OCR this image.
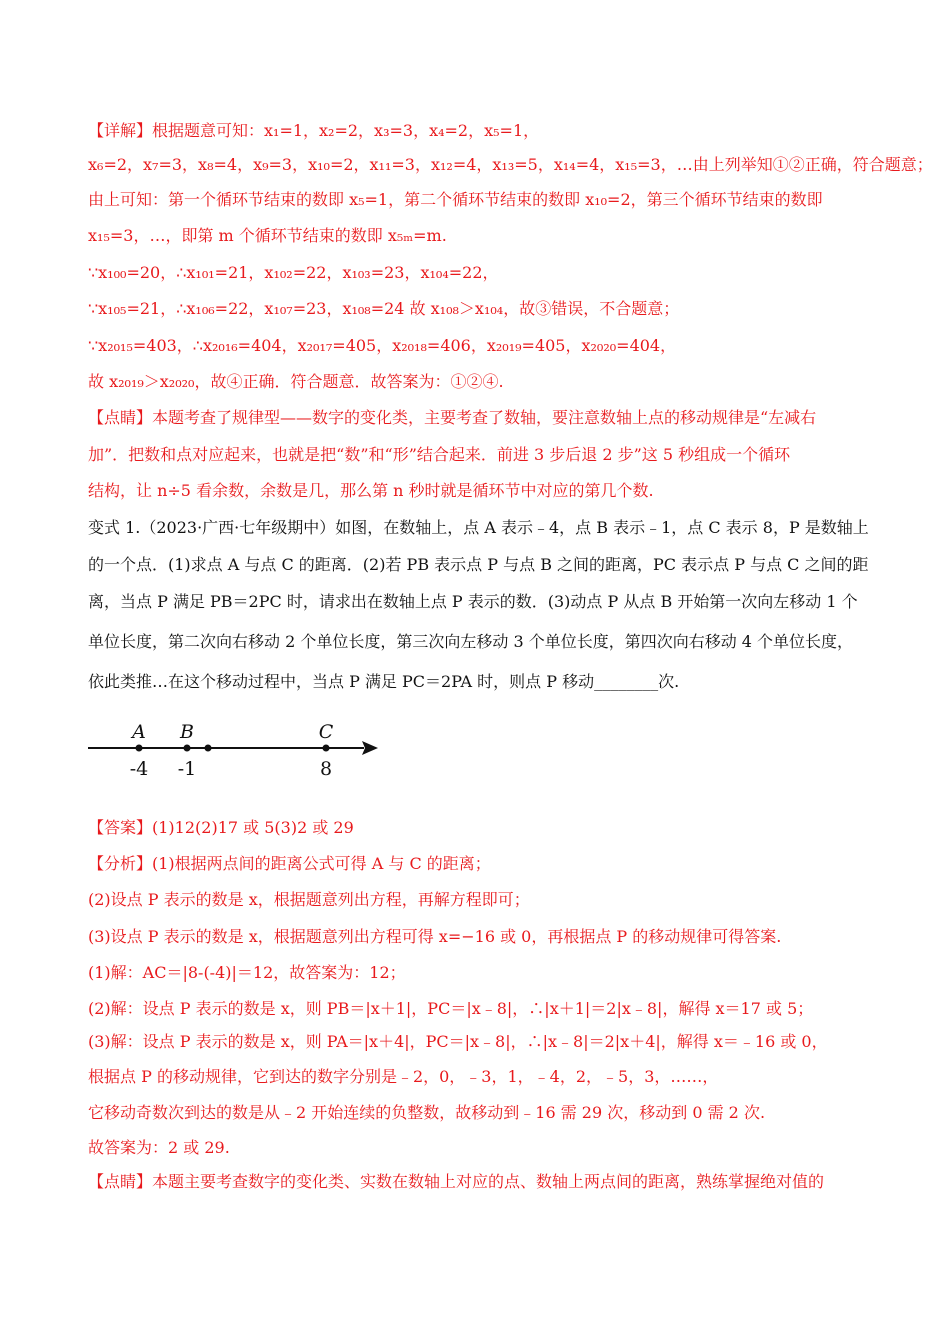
【详解】根据题意可知：x₁=1，x₂=2，x₃=3，x₄=2，x₅=1，
x₆=2，x₇=3，x₈=4，x₉=3，x₁₀=2，x₁₁=3，x₁₂=4，x₁₃=5，x₁₄=4，x₁₅=3，…由上列举知①②正确，符合题意；
由上可知：第一个循环节结束的数即 x₅=1，第二个循环节结束的数即 x₁₀=2，第三个循环节结束的数即
x₁₅=3，…，即第 m 个循环节结束的数即 x₅ₘ=m.
∵x₁₀₀=20，∴x₁₀₁=21，x₁₀₂=22，x₁₀₃=23，x₁₀₄=22，
∵x₁₀₅=21，∴x₁₀₆=22，x₁₀₇=23，x₁₀₈=24 故 x₁₀₈＞x₁₀₄，故③错误，不合题意；
∵x₂₀₁₅=403，∴x₂₀₁₆=404，x₂₀₁₇=405，x₂₀₁₈=406，x₂₀₁₉=405，x₂₀₂₀=404，
故 x₂₀₁₉＞x₂₀₂₀，故④正确．符合题意．故答案为：①②④.
【点睛】本题考查了规律型——数字的变化类，主要考查了数轴，要注意数轴上点的移动规律是“左减右
加”．把数和点对应起来，也就是把“数”和“形”结合起来．前进 3 步后退 2 步”这 5 秒组成一个循环
结构，让 n÷5 看余数，余数是几，那么第 n 秒时就是循环节中对应的第几个数.
变式 1.（2023·广西·七年级期中）如图，在数轴上，点 A 表示﹣4，点 B 表示﹣1，点 C 表示 8，P 是数轴上
的一个点．(1)求点 A 与点 C 的距离．(2)若 PB 表示点 P 与点 B 之间的距离，PC 表示点 P 与点 C 之间的距
离，当点 P 满足 PB＝2PC 时，请求出在数轴上点 P 表示的数．(3)动点 P 从点 B 开始第一次向左移动 1 个
单位长度，第二次向右移动 2 个单位长度，第三次向左移动 3 个单位长度，第四次向右移动 4 个单位长度，
依此类推…在这个移动过程中，当点 P 满足 PC＝2PA 时，则点 P 移动________次.
A B	C
-4 -1	8
【答案】(1)12(2)17 或 5(3)2 或 29
【分析】(1)根据两点间的距离公式可得 A 与 C 的距离；
(2)设点 P 表示的数是 x，根据题意列出方程，再解方程即可；
(3)设点 P 表示的数是 x，根据题意列出方程可得 x=−16 或 0，再根据点 P 的移动规律可得答案.
(1)解：AC＝|8-(-4)|＝12，故答案为：12；
(2)解：设点 P 表示的数是 x，则 PB＝|x＋1|，PC＝|x﹣8|，∴|x＋1|＝2|x﹣8|，解得 x＝17 或 5；
(3)解：设点 P 表示的数是 x，则 PA＝|x＋4|，PC＝|x﹣8|，∴|x﹣8|＝2|x＋4|，解得 x＝﹣16 或 0，
根据点 P 的移动规律，它到达的数字分别是﹣2，0，﹣3，1，﹣4，2，﹣5，3，……，
它移动奇数次到达的数是从﹣2 开始连续的负整数，故移动到﹣16 需 29 次，移动到 0 需 2 次.
故答案为：2 或 29.
【点睛】本题主要考查数字的变化类、实数在数轴上对应的点、数轴上两点间的距离，熟练掌握绝对值的
